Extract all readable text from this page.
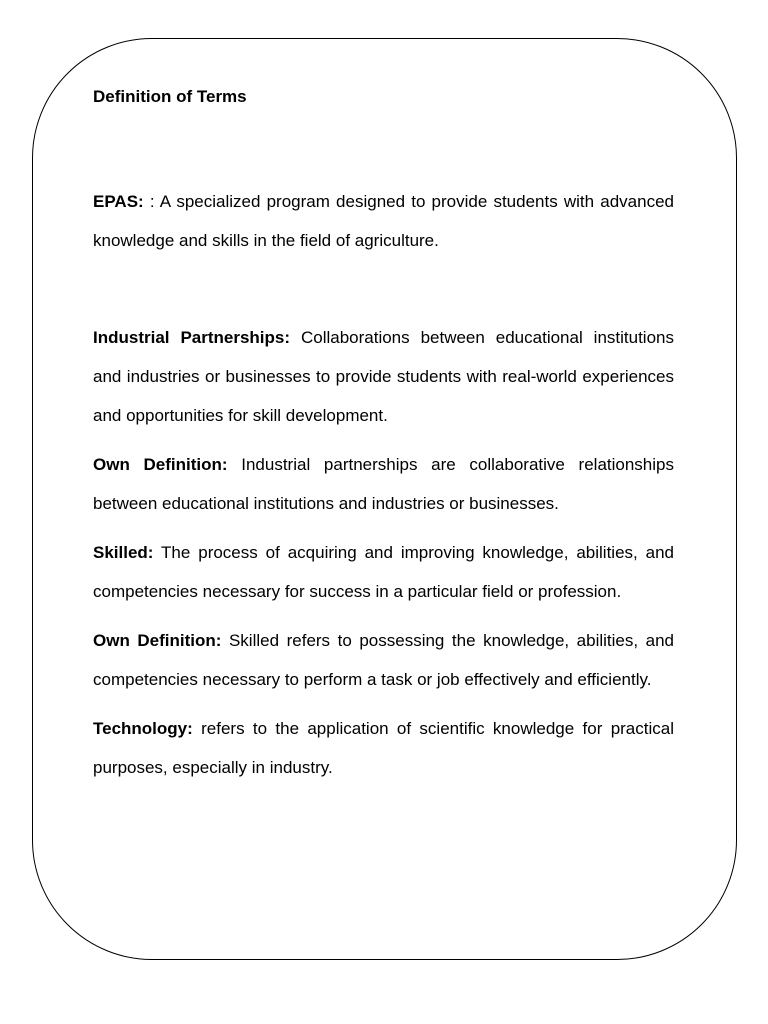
Definition of Terms

EPAS: : A specialized program designed to provide students with advanced knowledge and skills in the field of agriculture.

Industrial Partnerships: Collaborations between educational institutions and industries or businesses to provide students with real-world experiences and opportunities for skill development.

Own Definition: Industrial partnerships are collaborative relationships between educational institutions and industries or businesses.

Skilled: The process of acquiring and improving knowledge, abilities, and competencies necessary for success in a particular field or profession.

Own Definition: Skilled refers to possessing the knowledge, abilities, and competencies necessary to perform a task or job effectively and efficiently.

Technology: refers to the application of scientific knowledge for practical purposes, especially in industry.
